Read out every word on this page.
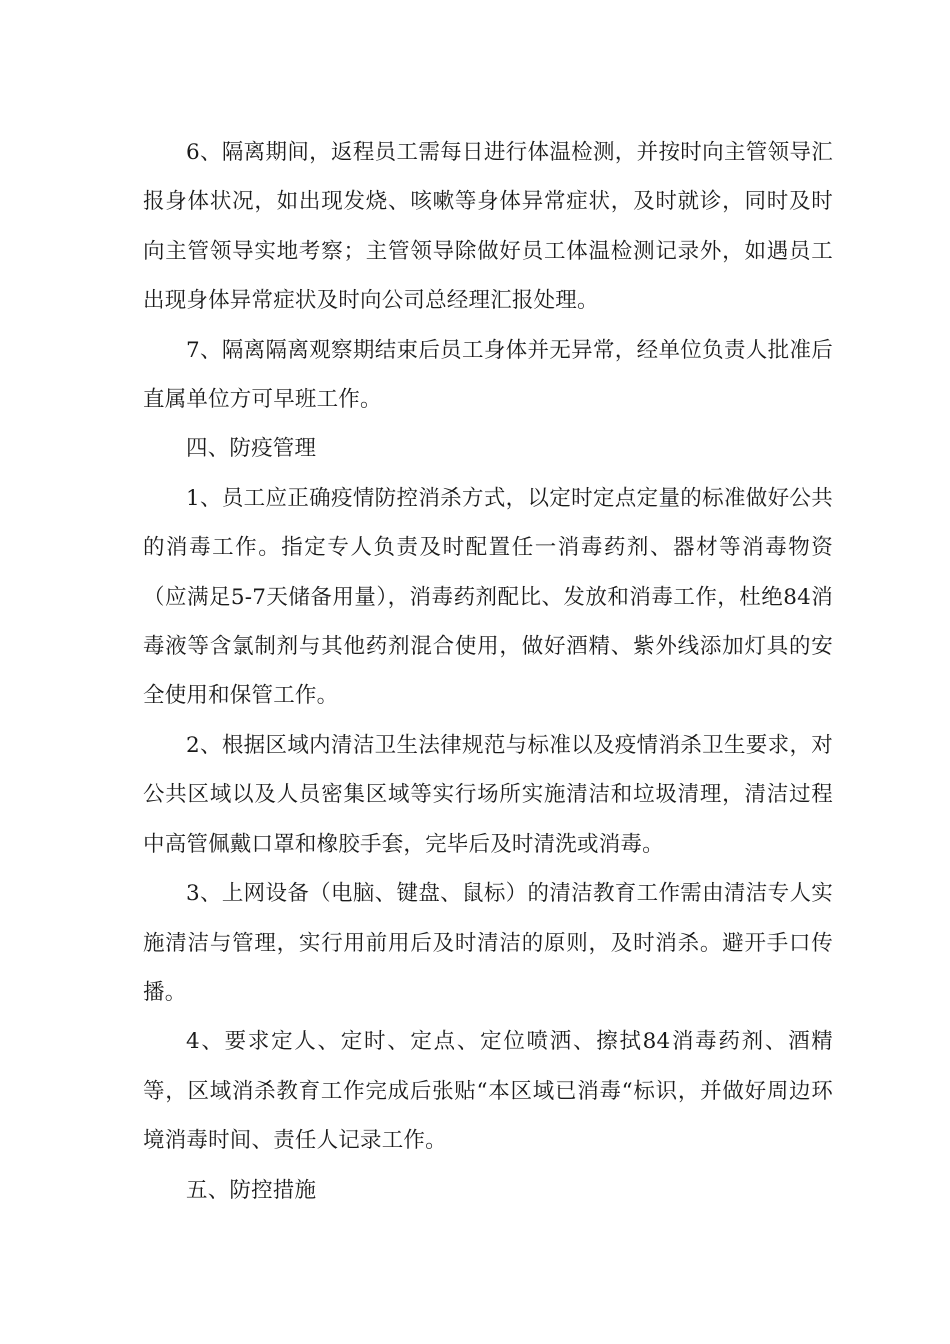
6、隔离期间，返程员工需每日进行体温检测，并按时向主管领导汇报身体状况，如出现发烧、咳嗽等身体异常症状，及时就诊，同时及时向主管领导实地考察；主管领导除做好员工体温检测记录外，如遇员工出现身体异常症状及时向公司总经理汇报处理。

7、隔离隔离观察期结束后员工身体并无异常，经单位负责人批准后直属单位方可早班工作。

四、防疫管理

1、员工应正确疫情防控消杀方式，以定时定点定量的标准做好公共的消毒工作。指定专人负责及时配置任一消毒药剂、器材等消毒物资（应满足5-7天储备用量），消毒药剂配比、发放和消毒工作，杜绝84消毒液等含氯制剂与其他药剂混合使用，做好酒精、紫外线添加灯具的安全使用和保管工作。

2、根据区域内清洁卫生法律规范与标准以及疫情消杀卫生要求，对公共区域以及人员密集区域等实行场所实施清洁和垃圾清理，清洁过程中高管佩戴口罩和橡胶手套，完毕后及时清洗或消毒。

3、上网设备（电脑、键盘、鼠标）的清洁教育工作需由清洁专人实施清洁与管理，实行用前用后及时清洁的原则，及时消杀。避开手口传播。

4、要求定人、定时、定点、定位喷洒、擦拭84消毒药剂、酒精等，区域消杀教育工作完成后张贴“本区域已消毒“标识，并做好周边环境消毒时间、责任人记录工作。

五、防控措施
